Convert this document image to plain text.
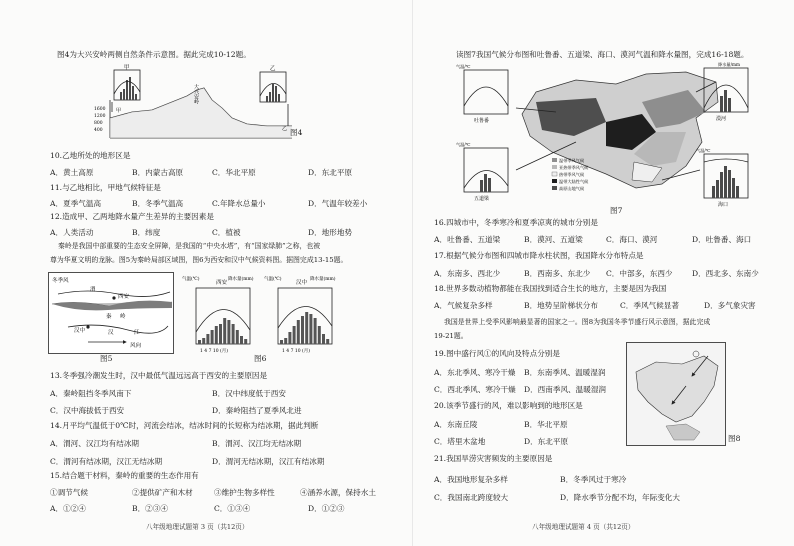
图4为大兴安岭两侧自然条件示意图。据此完成10-12题。
甲	乙
1600
1200
800
400
大兴安岭
甲
乙 图4
10.乙地所处的地形区是
A．黄土高原	B．内蒙古高原	C．华北平原	D．东北平原
11.与乙地相比，甲地气候特征是
A．夏季气温高	B．冬季气温高	C.年降水总量小	D．气温年较差小
12.造成甲、乙两地降水量产生差异的主要因素是
A．人类活动	B．纬度	C．植被	D．地形地势
秦岭是我国中部重要的生态安全屏障，是我国的“中央水塔”，有“国家绿肺”之称，也被
尊为华夏文明的龙脉。图5为秦岭局部区域图，图6为西安和汉中气候资料图。据图完成13-15题。
冬季风
渭
西安
秦 岭
汉中	汉	江
风向
图5
西安
气温(℃)	降水量(mm)
1 4 7 10 (月)
汉中
气温(℃)	降水量(mm)
1 4 7 10 (月)
图6
13.冬季强冷潮发生时，汉中最低气温远远高于西安的主要原因是
A．秦岭阻挡冬季风南下	B．汉中纬度低于西安
C．汉中海拔低于西安	D．秦岭阻挡了夏季风北进
14.月平均气温低于0℃时，河流会结冰，结冰时间的长短称为结冰期，据此判断
A．渭河、汉江均有结冰期	B．渭河、汉江均无结冰期
C．渭河有结冰期，汉江无结冰期	D．渭河无结冰期，汉江有结冰期
15.结合题干材料，秦岭的重要的生态作用有
①调节气候	②提供矿产和木材	③维护生物多样性	④涵养水源，保持水土
A．①②④	B．②③④	C．①③④	D．①②③
八年级地理试题第 3 页（共12页）
读图7我国气候分布图和吐鲁番、五道梁、海口、漠河气温和降水量图，完成16-18题。
吐鲁番
气温/℃
五道梁
气温/℃
漠河
降水量/mm
海口
气温/℃
温带季风气候
亚热带季风气候
热带季风气候
温带大陆性气候
高原山地气候
图7
16.四城市中，冬季寒冷和夏季凉爽的城市分别是
A．吐鲁番、五道梁	B．漠河、五道梁	C．海口、漠河	D．吐鲁番、海口
17.根据气候分布图和四城市降水柱状图，我国降水分布特点是
A．东南多、西北少	B．西南多、东北少 C．中部多，东西少	D．西北多、东南少
18.世界多数动植物都能在我国找到适合生长的地方，主要是因为我国
A．气候复杂多样	B．地势呈阶梯状分布	C．季风气候显著	D．多气象灾害
我国是世界上受季风影响最显著的国家之一。图8为我国冬季节盛行风示意图，据此完成
19-21题。
图8
19.图中盛行风①的风向及特点分别是
A．东北季风、寒冷干燥 B．东南季风、温暖湿润
C．西北季风、寒冷干燥 D．西南季风、温暖湿润
20.该季节盛行的风，难以影响到的地形区是
A．东南丘陵	B．华北平原
C．塔里木盆地	D．东北平原
21.我国旱涝灾害频发的主要原因是
A．我国地形复杂多样	B．冬季风过于寒冷
C．我国南北跨度较大	D．降水季节分配不均，年际变化大
八年级地理试题第 4 页（共12页）
